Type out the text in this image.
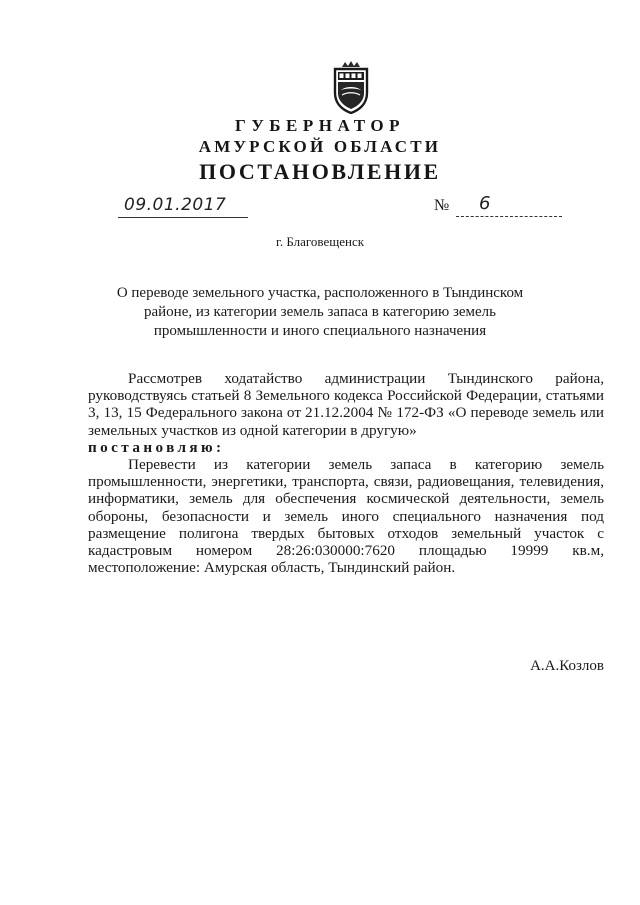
ГУБЕРНАТОР
АМУРСКОЙ ОБЛАСТИ
ПОСТАНОВЛЕНИЕ
09.01.2017	№ 6
г. Благовещенск
О переводе земельного участка, расположенного в Тындинском районе, из категории земель запаса в категорию земель промышленности и иного специального назначения

Рассмотрев ходатайство администрации Тындинского района, руководствуясь статьей 8 Земельного кодекса Российской Федерации, статьями 3, 13, 15 Федерального закона от 21.12.2004 № 172-ФЗ «О переводе земель или земельных участков из одной категории в другую»

постановляю:

Перевести из категории земель запаса в категорию земель промышленности, энергетики, транспорта, связи, радиовещания, телевидения, информатики, земель для обеспечения космической деятельности, земель обороны, безопасности и земель иного специального назначения под размещение полигона твердых бытовых отходов земельный участок с кадастровым номером 28:26:030000:7620 площадью 19999 кв.м, местоположение: Амурская область, Тындинский район.

А.А.Козлов
